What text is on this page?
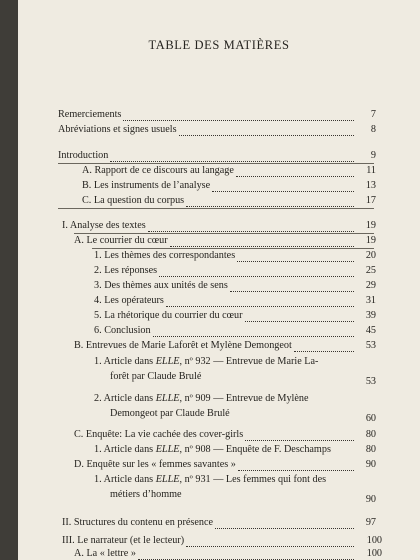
TABLE DES MATIÈRES
Remerciements	7
Abréviations et signes usuels	8
Introduction	9
A. Rapport de ce discours au langage	11
B. Les instruments de l’analyse	13
C. La question du corpus	17
I. Analyse des textes	19
A. Le courrier du cœur	19
1. Les thèmes des correspondantes	20
2. Les réponses	25
3. Des thèmes aux unités de sens	29
4. Les opérateurs	31
5. La rhétorique du courrier du cœur	39
6. Conclusion	45
B. Entrevues de Marie Laforêt et Mylène Demongeot	53
1. Article dans ELLE, nº 932 — Entrevue de Marie La-
forêt par Claude Brulé	53
2. Article dans ELLE, nº 909 — Entrevue de Mylène
Demongeot par Claude Brulé	60
C. Enquête: La vie cachée des cover-girls	80
1. Article dans ELLE, nº 908 — Enquête de F. Deschamps	80
D. Enquête sur les « femmes savantes »	90
1. Article dans ELLE, nº 931 — Les femmes qui font des
métiers d’homme	90
II. Structures du contenu en présence	97
III. Le narrateur (et le lecteur)	100
A. La « lettre »	100
